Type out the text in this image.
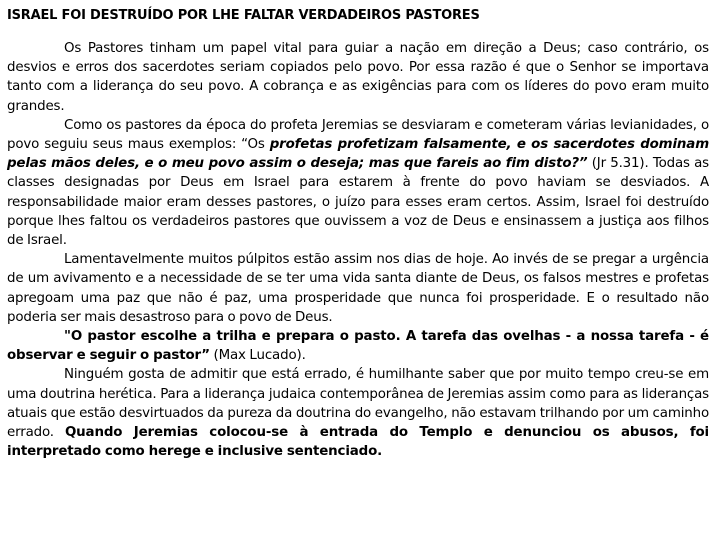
ISRAEL FOI DESTRUÍDO POR LHE FALTAR VERDADEIROS PASTORES

Os Pastores tinham um papel vital para guiar a nação em direção a Deus; caso contrário, os desvios e erros dos sacerdotes seriam copiados pelo povo. Por essa razão é que o Senhor se importava tanto com a liderança do seu povo. A cobrança e as exigências para com os líderes do povo eram muito grandes.

Como os pastores da época do profeta Jeremias se desviaram e cometeram várias levianidades, o povo seguiu seus maus exemplos: “Os profetas profetizam falsamente, e os sacerdotes dominam pelas mãos deles, e o meu povo assim o deseja; mas que fareis ao fim disto?” (Jr 5.31). Todas as classes designadas por Deus em Israel para estarem à frente do povo haviam se desviados. A responsabilidade maior eram desses pastores, o juízo para esses eram certos. Assim, Israel foi destruído porque lhes faltou os verdadeiros pastores que ouvissem a voz de Deus e ensinassem a justiça aos filhos de Israel.

Lamentavelmente muitos púlpitos estão assim nos dias de hoje. Ao invés de se pregar a urgência de um avivamento e a necessidade de se ter uma vida santa diante de Deus, os falsos mestres e profetas apregoam uma paz que não é paz, uma prosperidade que nunca foi prosperidade. E o resultado não poderia ser mais desastroso para o povo de Deus.

"O pastor escolhe a trilha e prepara o pasto. A tarefa das ovelhas - a nossa tarefa - é observar e seguir o pastor” (Max Lucado).

Ninguém gosta de admitir que está errado, é humilhante saber que por muito tempo creu-se em uma doutrina herética. Para a liderança judaica contemporânea de Jeremias assim como para as lideranças atuais que estão desvirtuados da pureza da doutrina do evangelho, não estavam trilhando por um caminho errado. Quando Jeremias colocou-se à entrada do Templo e denunciou os abusos, foi interpretado como herege e inclusive sentenciado.
